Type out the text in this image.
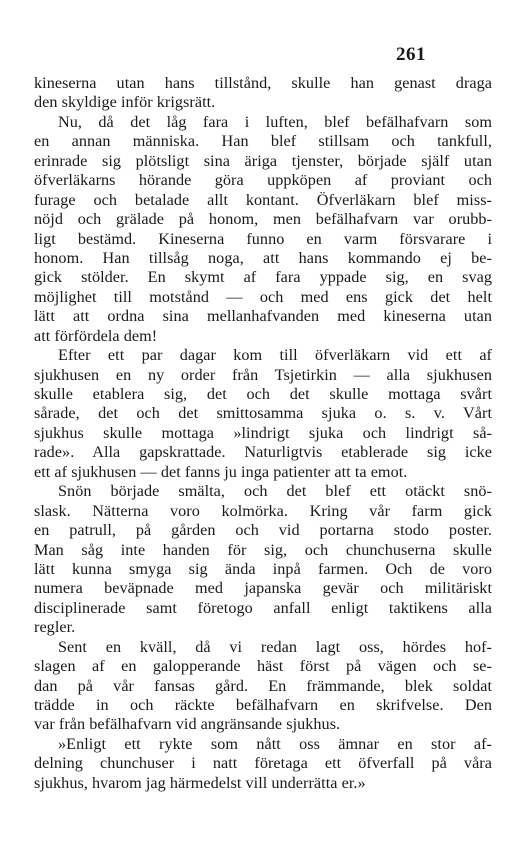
261
kineserna utan hans tillstånd, skulle han genast draga
den skyldige inför krigsrätt.
Nu, då det låg fara i luften, blef befälhafvarn som
en annan människa. Han blef stillsam och tankfull,
erinrade sig plötsligt sina äriga tjenster, började själf utan
öfverläkarns hörande göra uppköpen af proviant och
furage och betalade allt kontant. Öfverläkarn blef miss-
nöjd och grälade på honom, men befälhafvarn var orubb-
ligt bestämd. Kineserna funno en varm försvarare i
honom. Han tillsåg noga, att hans kommando ej be-
gick stölder. En skymt af fara yppade sig, en svag
möjlighet till motstånd — och med ens gick det helt
lätt att ordna sina mellanhafvanden med kineserna utan
att förfördela dem!
Efter ett par dagar kom till öfverläkarn vid ett af
sjukhusen en ny order från Tsjetirkin — alla sjukhusen
skulle etablera sig, det och det skulle mottaga svårt
sårade, det och det smittosamma sjuka o. s. v. Vårt
sjukhus skulle mottaga »lindrigt sjuka och lindrigt så-
rade». Alla gapskrattade. Naturligtvis etablerade sig icke
ett af sjukhusen — det fanns ju inga patienter att ta emot.
Snön började smälta, och det blef ett otäckt snö-
slask. Nätterna voro kolmörka. Kring vår farm gick
en patrull, på gården och vid portarna stodo poster.
Man såg inte handen för sig, och chunchuserna skulle
lätt kunna smyga sig ända inpå farmen. Och de voro
numera beväpnade med japanska gevär och militäriskt
disciplinerade samt företogo anfall enligt taktikens alla
regler.
Sent en kväll, då vi redan lagt oss, hördes hof-
slagen af en galopperande häst först på vägen och se-
dan på vår fansas gård. En främmande, blek soldat
trädde in och räckte befälhafvarn en skrifvelse. Den
var från befälhafvarn vid angränsande sjukhus.
»Enligt ett rykte som nått oss ämnar en stor af-
delning chunchuser i natt företaga ett öfverfall på våra
sjukhus, hvarom jag härmedelst vill underrätta er.»
